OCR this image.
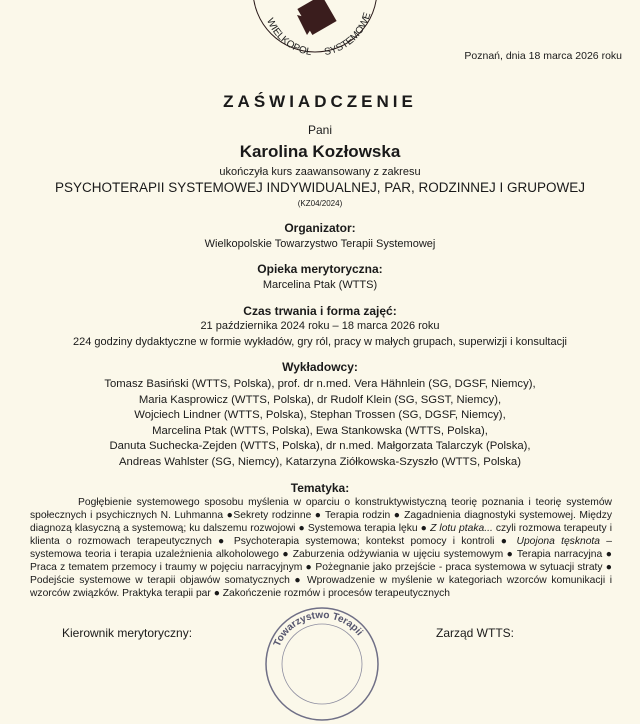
WIELKOPOL	SYSTEMOWE
Poznań, dnia 18 marca 2026 roku
ZAŚWIADCZENIE
Pani
Karolina Kozłowska
ukończyła kurs zaawansowany z zakresu
PSYCHOTERAPII SYSTEMOWEJ INDYWIDUALNEJ, PAR, RODZINNEJ I GRUPOWEJ
(KZ04/2024)
Organizator:
Wielkopolskie Towarzystwo Terapii Systemowej
Opieka merytoryczna:
Marcelina Ptak (WTTS)
Czas trwania i forma zajęć:
21 października 2024 roku – 18 marca 2026 roku
224 godziny dydaktyczne w formie wykładów, gry ról, pracy w małych grupach, superwizji i konsultacji
Wykładowcy:
Tomasz Basiński (WTTS, Polska), prof. dr n.med. Vera Hähnlein (SG, DGSF, Niemcy),
Maria Kasprowicz (WTTS, Polska), dr Rudolf Klein (SG, SGST, Niemcy),
Wojciech Lindner (WTTS, Polska), Stephan Trossen (SG, DGSF, Niemcy),
Marcelina Ptak (WTTS, Polska), Ewa Stankowska (WTTS, Polska),
Danuta Suchecka-Zejden (WTTS, Polska), dr n.med. Małgorzata Talarczyk (Polska),
Andreas Wahlster (SG, Niemcy), Katarzyna Ziółkowska-Szyszło (WTTS, Polska)
Tematyka:
Pogłębienie systemowego sposobu myślenia w oparciu o konstruktywistyczną teorię poznania i teorię systemów społecznych i psychicznych N. Luhmanna ●Sekrety rodzinne ● Terapia rodzin ● Zagadnienia diagnostyki systemowej. Między diagnozą klasyczną a systemową; ku dalszemu rozwojowi ● Systemowa terapia lęku ● Z lotu ptaka... czyli rozmowa terapeuty i klienta o rozmowach terapeutycznych ● Psychoterapia systemowa; kontekst pomocy i kontroli ● Upojona tęsknota – systemowa teoria i terapia uzależnienia alkoholowego ● Zaburzenia odżywiania w ujęciu systemowym ● Terapia narracyjna ● Praca z tematem przemocy i traumy w pojęciu narracyjnym ● Pożegnanie jako przejście - praca systemowa w sytuacji straty ● Podejście systemowe w terapii objawów somatycznych ● Wprowadzenie w myślenie w kategoriach wzorców komunikacji i wzorców związków. Praktyka terapii par ● Zakończenie rozmów i procesów terapeutycznych
Towarzystwo Terapii
Kierownik merytoryczny:	Zarząd WTTS:
